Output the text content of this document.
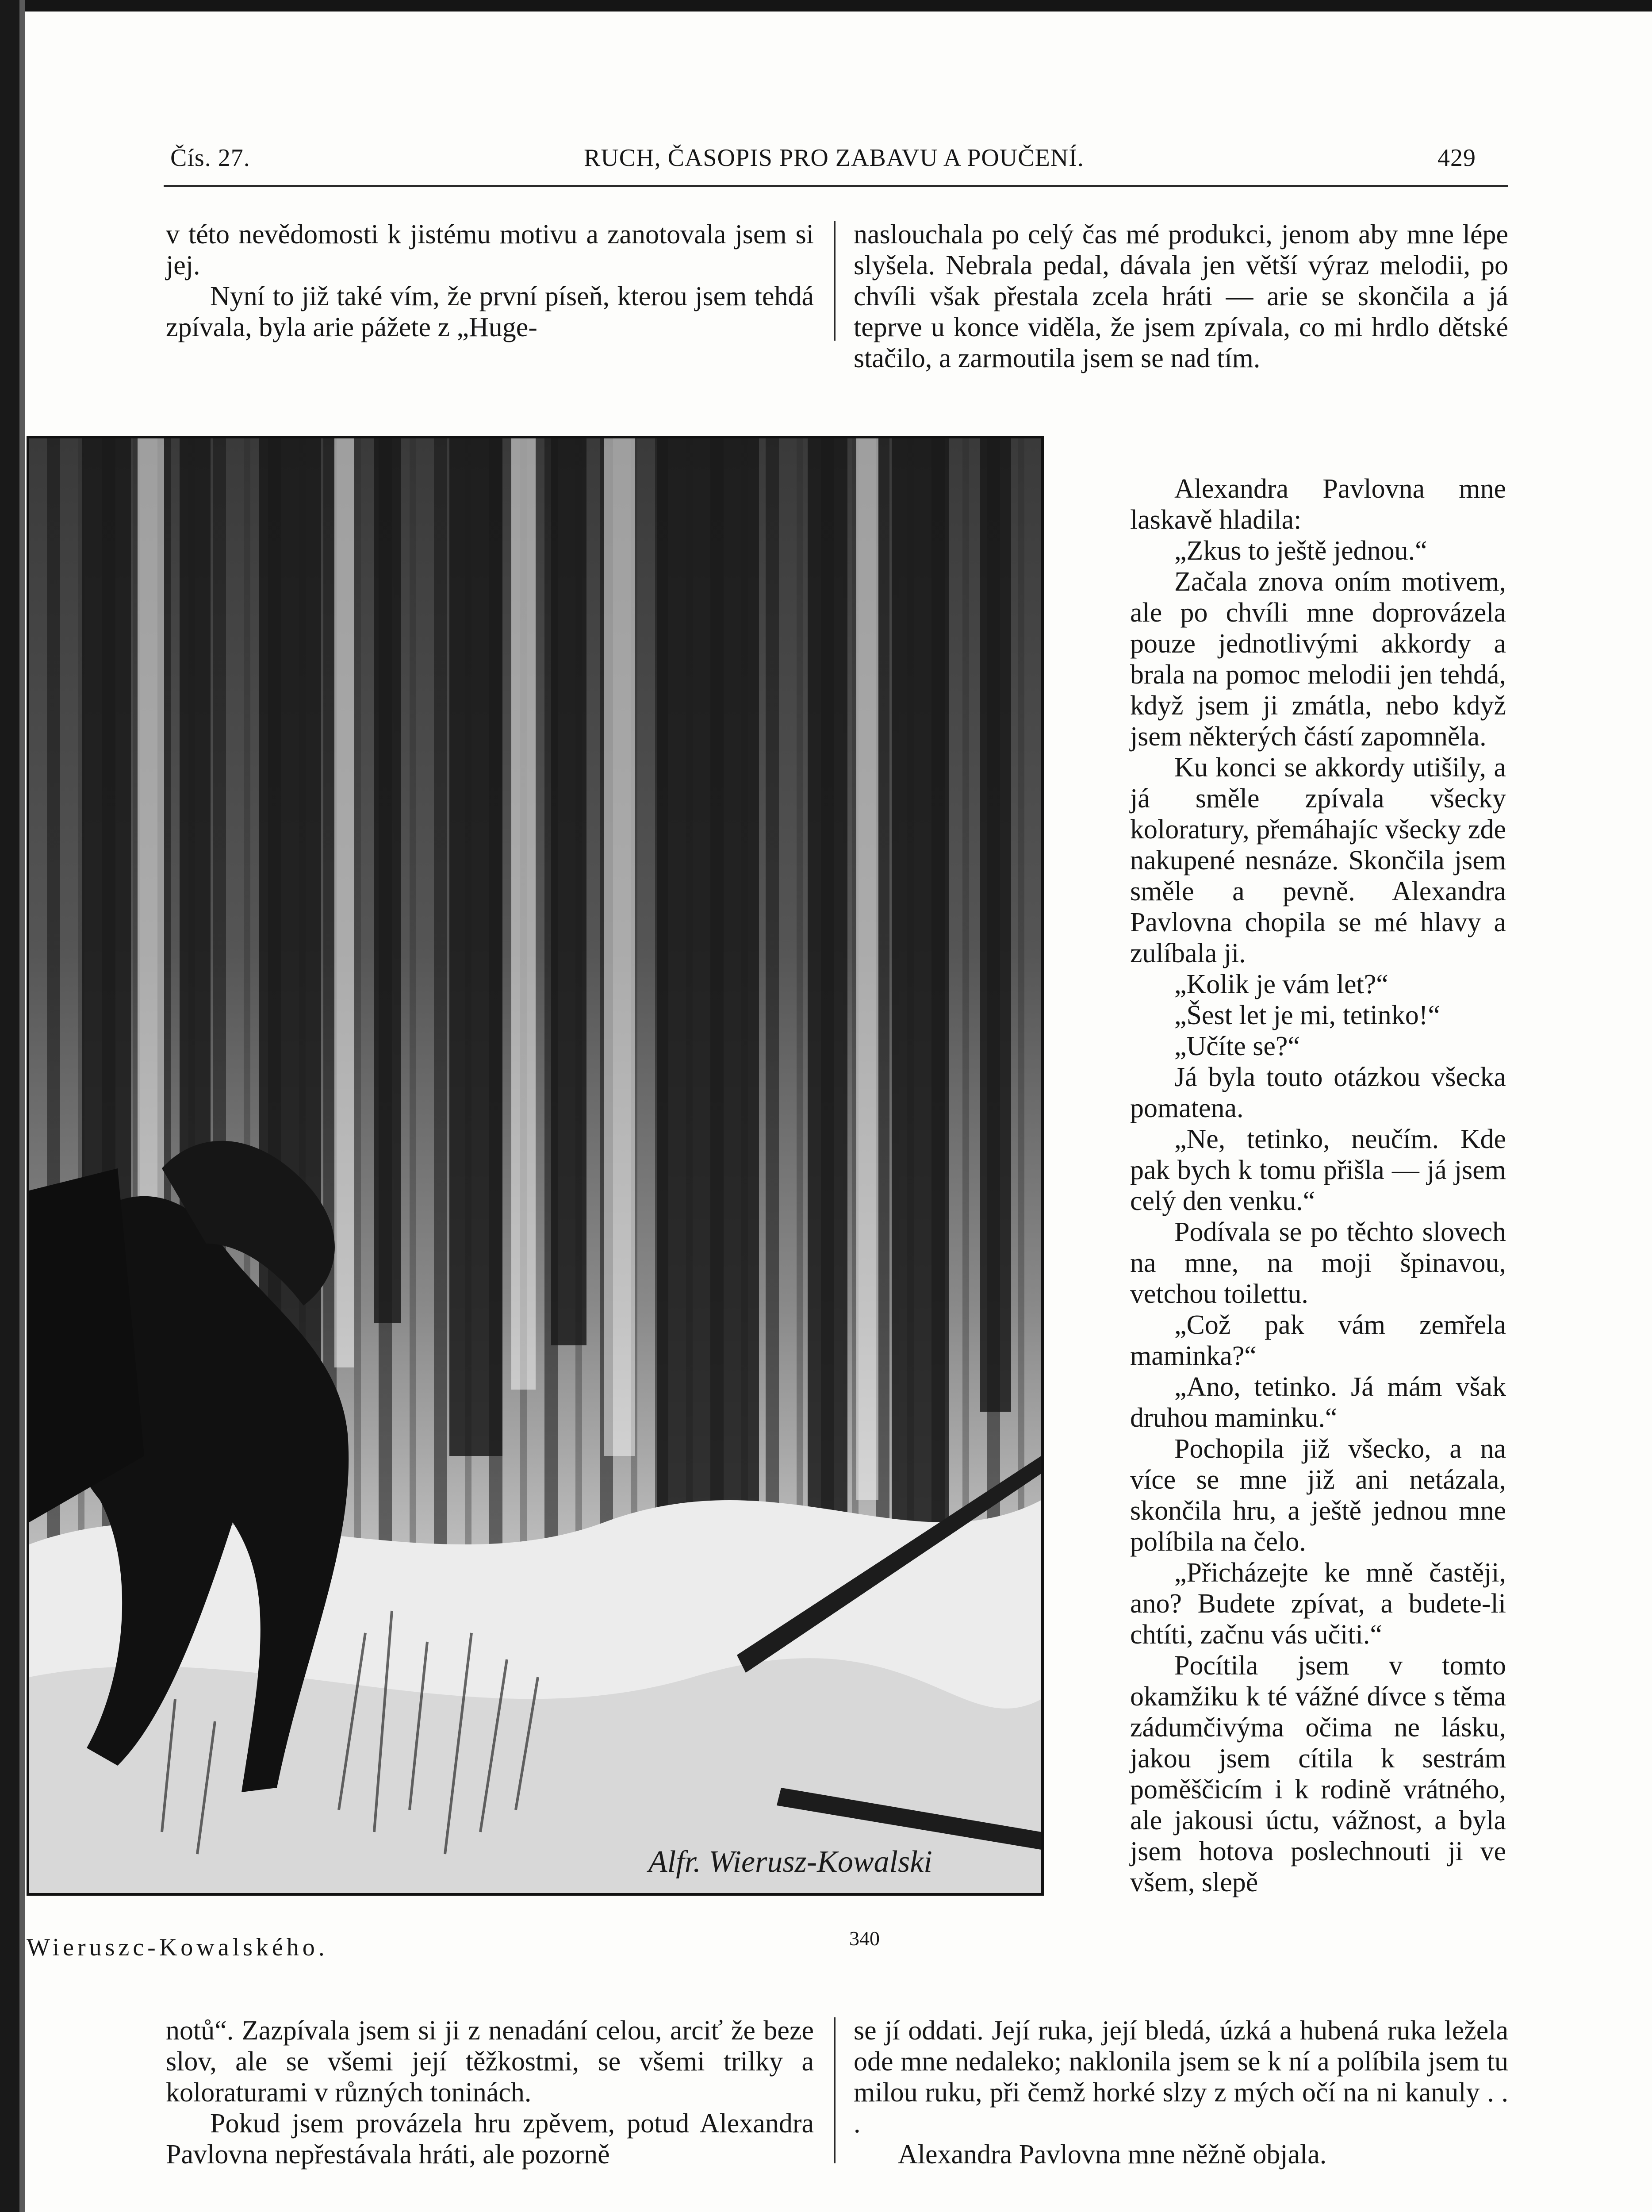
Čís. 27.	RUCH, ČASOPIS PRO ZABAVU A POUČENÍ.	429

v této nevědomosti k jistému motivu a zanotovala jsem si jej.

Nyní to již také vím, že první píseň, kterou jsem tehdá zpívala, byla arie pážete z „Huge-

naslouchala po celý čas mé produkci, jenom aby mne lépe slyšela. Nebrala pedal, dávala jen větší výraz melodii, po chvíli však přestala zcela hráti — arie se skončila a já teprve u konce viděla, že jsem zpívala, co mi hrdlo dětské stačilo, a zarmoutila jsem se nad tím.

Alexandra Pavlovna mne laskavě hladila:

„Zkus to ještě jednou.“

Začala znova oním motivem, ale po chvíli mne doprovázela pouze jednotlivými akkordy a brala na pomoc melodii jen tehdá, když jsem ji zmátla, nebo když jsem některých částí zapomněla.

Ku konci se akkordy utišily, a já směle zpívala všecky koloratury, přemáhajíc všecky zde nakupené nesnáze. Skončila jsem směle a pevně. Alexandra Pavlovna chopila se mé hlavy a zulíbala ji.

„Kolik je vám let?“

„Šest let je mi, tetinko!“

„Učíte se?“

Já byla touto otázkou všecka pomatena.

„Ne, tetinko, neučím. Kde pak bych k tomu přišla — já jsem celý den venku.“

Podívala se po těchto slovech na mne, na moji špinavou, vetchou toilettu.

„Což pak vám zemřela maminka?“

„Ano, tetinko. Já mám však druhou maminku.“

Pochopila již všecko, a na více se mne již ani netázala, skončila hru, a ještě jednou mne políbila na čelo.

„Přicházejte ke mně častěji, ano? Budete zpívat, a budete-li chtíti, začnu vás učiti.“

Pocítila jsem v tomto okamžiku k té vážné dívce s těma zádumčivýma očima ne lásku, jakou jsem cítila k sestrám poměščicím i k rodině vrátného, ale jakousi úctu, vážnost, a byla jsem hotova poslechnouti ji ve všem, slepě

Alfr. Wierusz-Kowalski
Wieruszc-Kowalského.	340

notů“. Zazpívala jsem si ji z nenadání celou, arciť že beze slov, ale se všemi její těžkostmi, se všemi trilky a koloraturami v různých toninách.

Pokud jsem provázela hru zpěvem, potud Alexandra Pavlovna nepřestávala hráti, ale pozorně

se jí oddati. Její ruka, její bledá, úzká a hubená ruka ležela ode mne nedaleko; naklonila jsem se k ní a políbila jsem tu milou ruku, při čemž horké slzy z mých očí na ni kanuly . . .

Alexandra Pavlovna mne něžně objala.
